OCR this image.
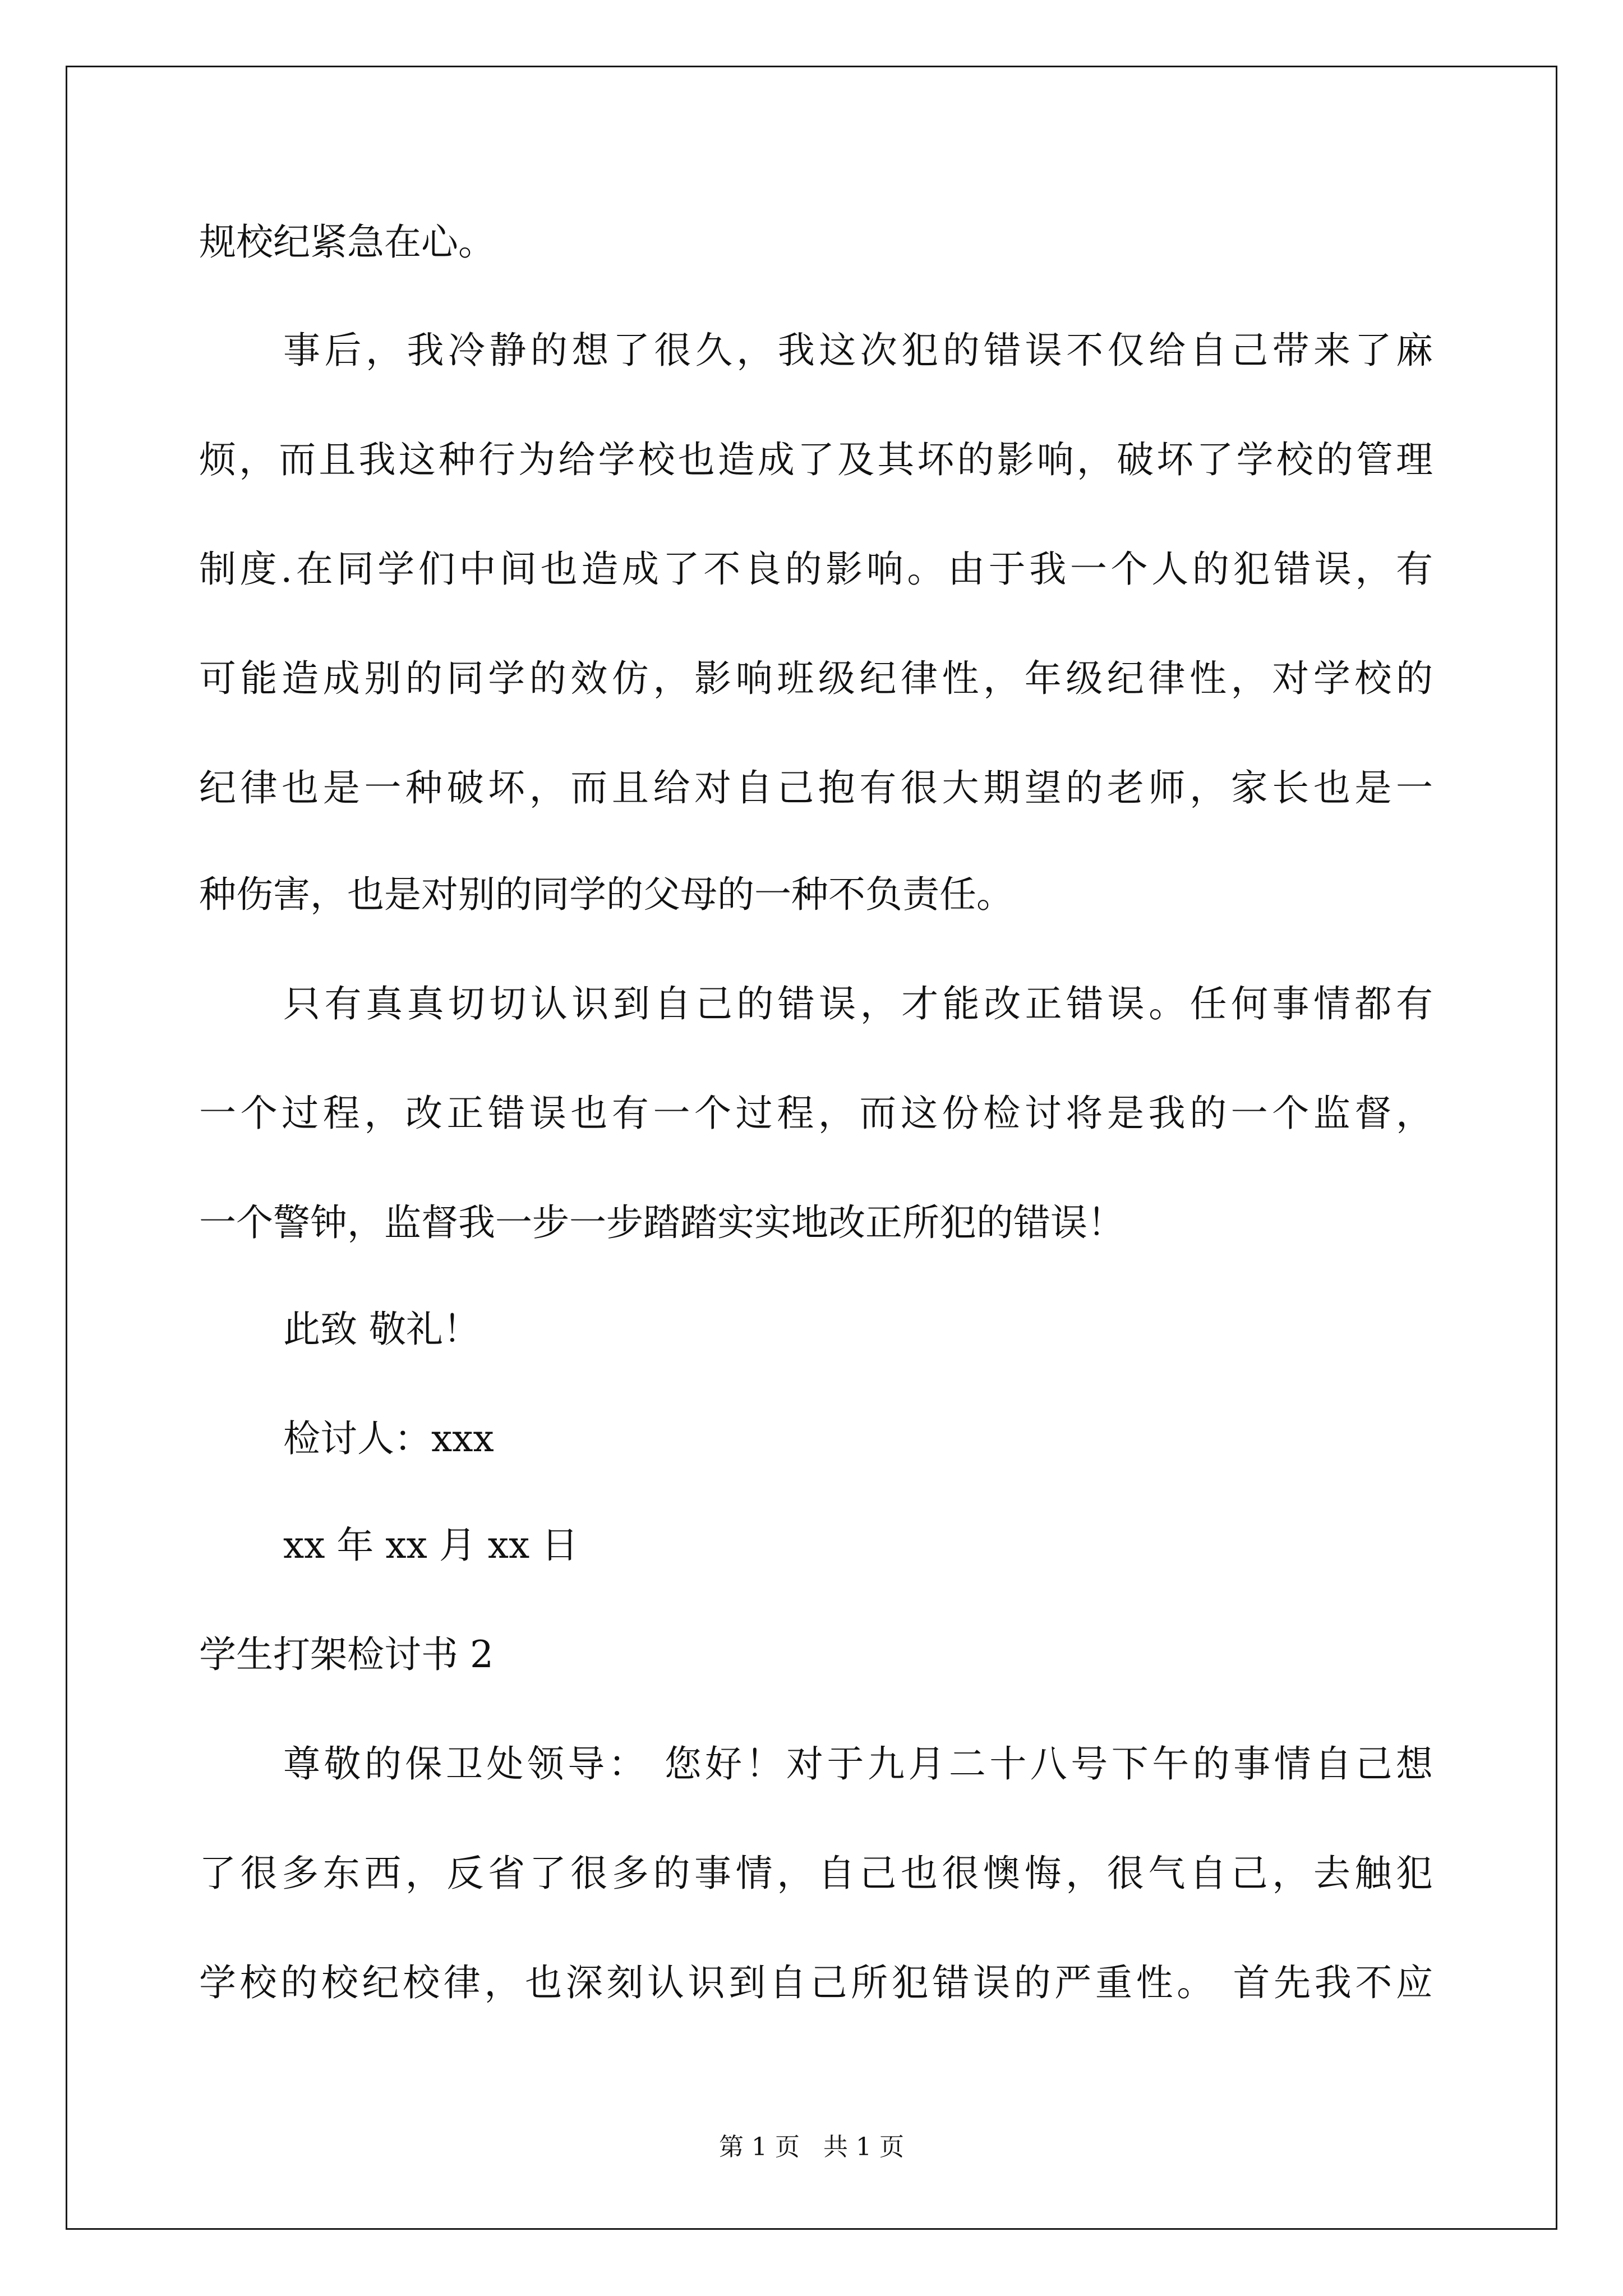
规校纪紧急在心。
事后，我冷静的想了很久，我这次犯的错误不仅给自己带来了麻
烦，而且我这种行为给学校也造成了及其坏的影响，破坏了学校的管理
制度.在同学们中间也造成了不良的影响。由于我一个人的犯错误，有
可能造成别的同学的效仿，影响班级纪律性，年级纪律性，对学校的
纪律也是一种破坏，而且给对自己抱有很大期望的老师，家长也是一
种伤害，也是对别的同学的父母的一种不负责任。
只有真真切切认识到自己的错误，才能改正错误。任何事情都有
一个过程，改正错误也有一个过程，而这份检讨将是我的一个监督，
一个警钟，监督我一步一步踏踏实实地改正所犯的错误！
此致 敬礼！
检讨人：xxx
xx 年 xx 月 xx 日
学生打架检讨书 2
尊敬的保卫处领导： 您好！对于九月二十八号下午的事情自己想
了很多东西，反省了很多的事情，自己也很懊悔，很气自己，去触犯
学校的校纪校律，也深刻认识到自己所犯错误的严重性。 首先我不应
第 1 页   共 1 页
